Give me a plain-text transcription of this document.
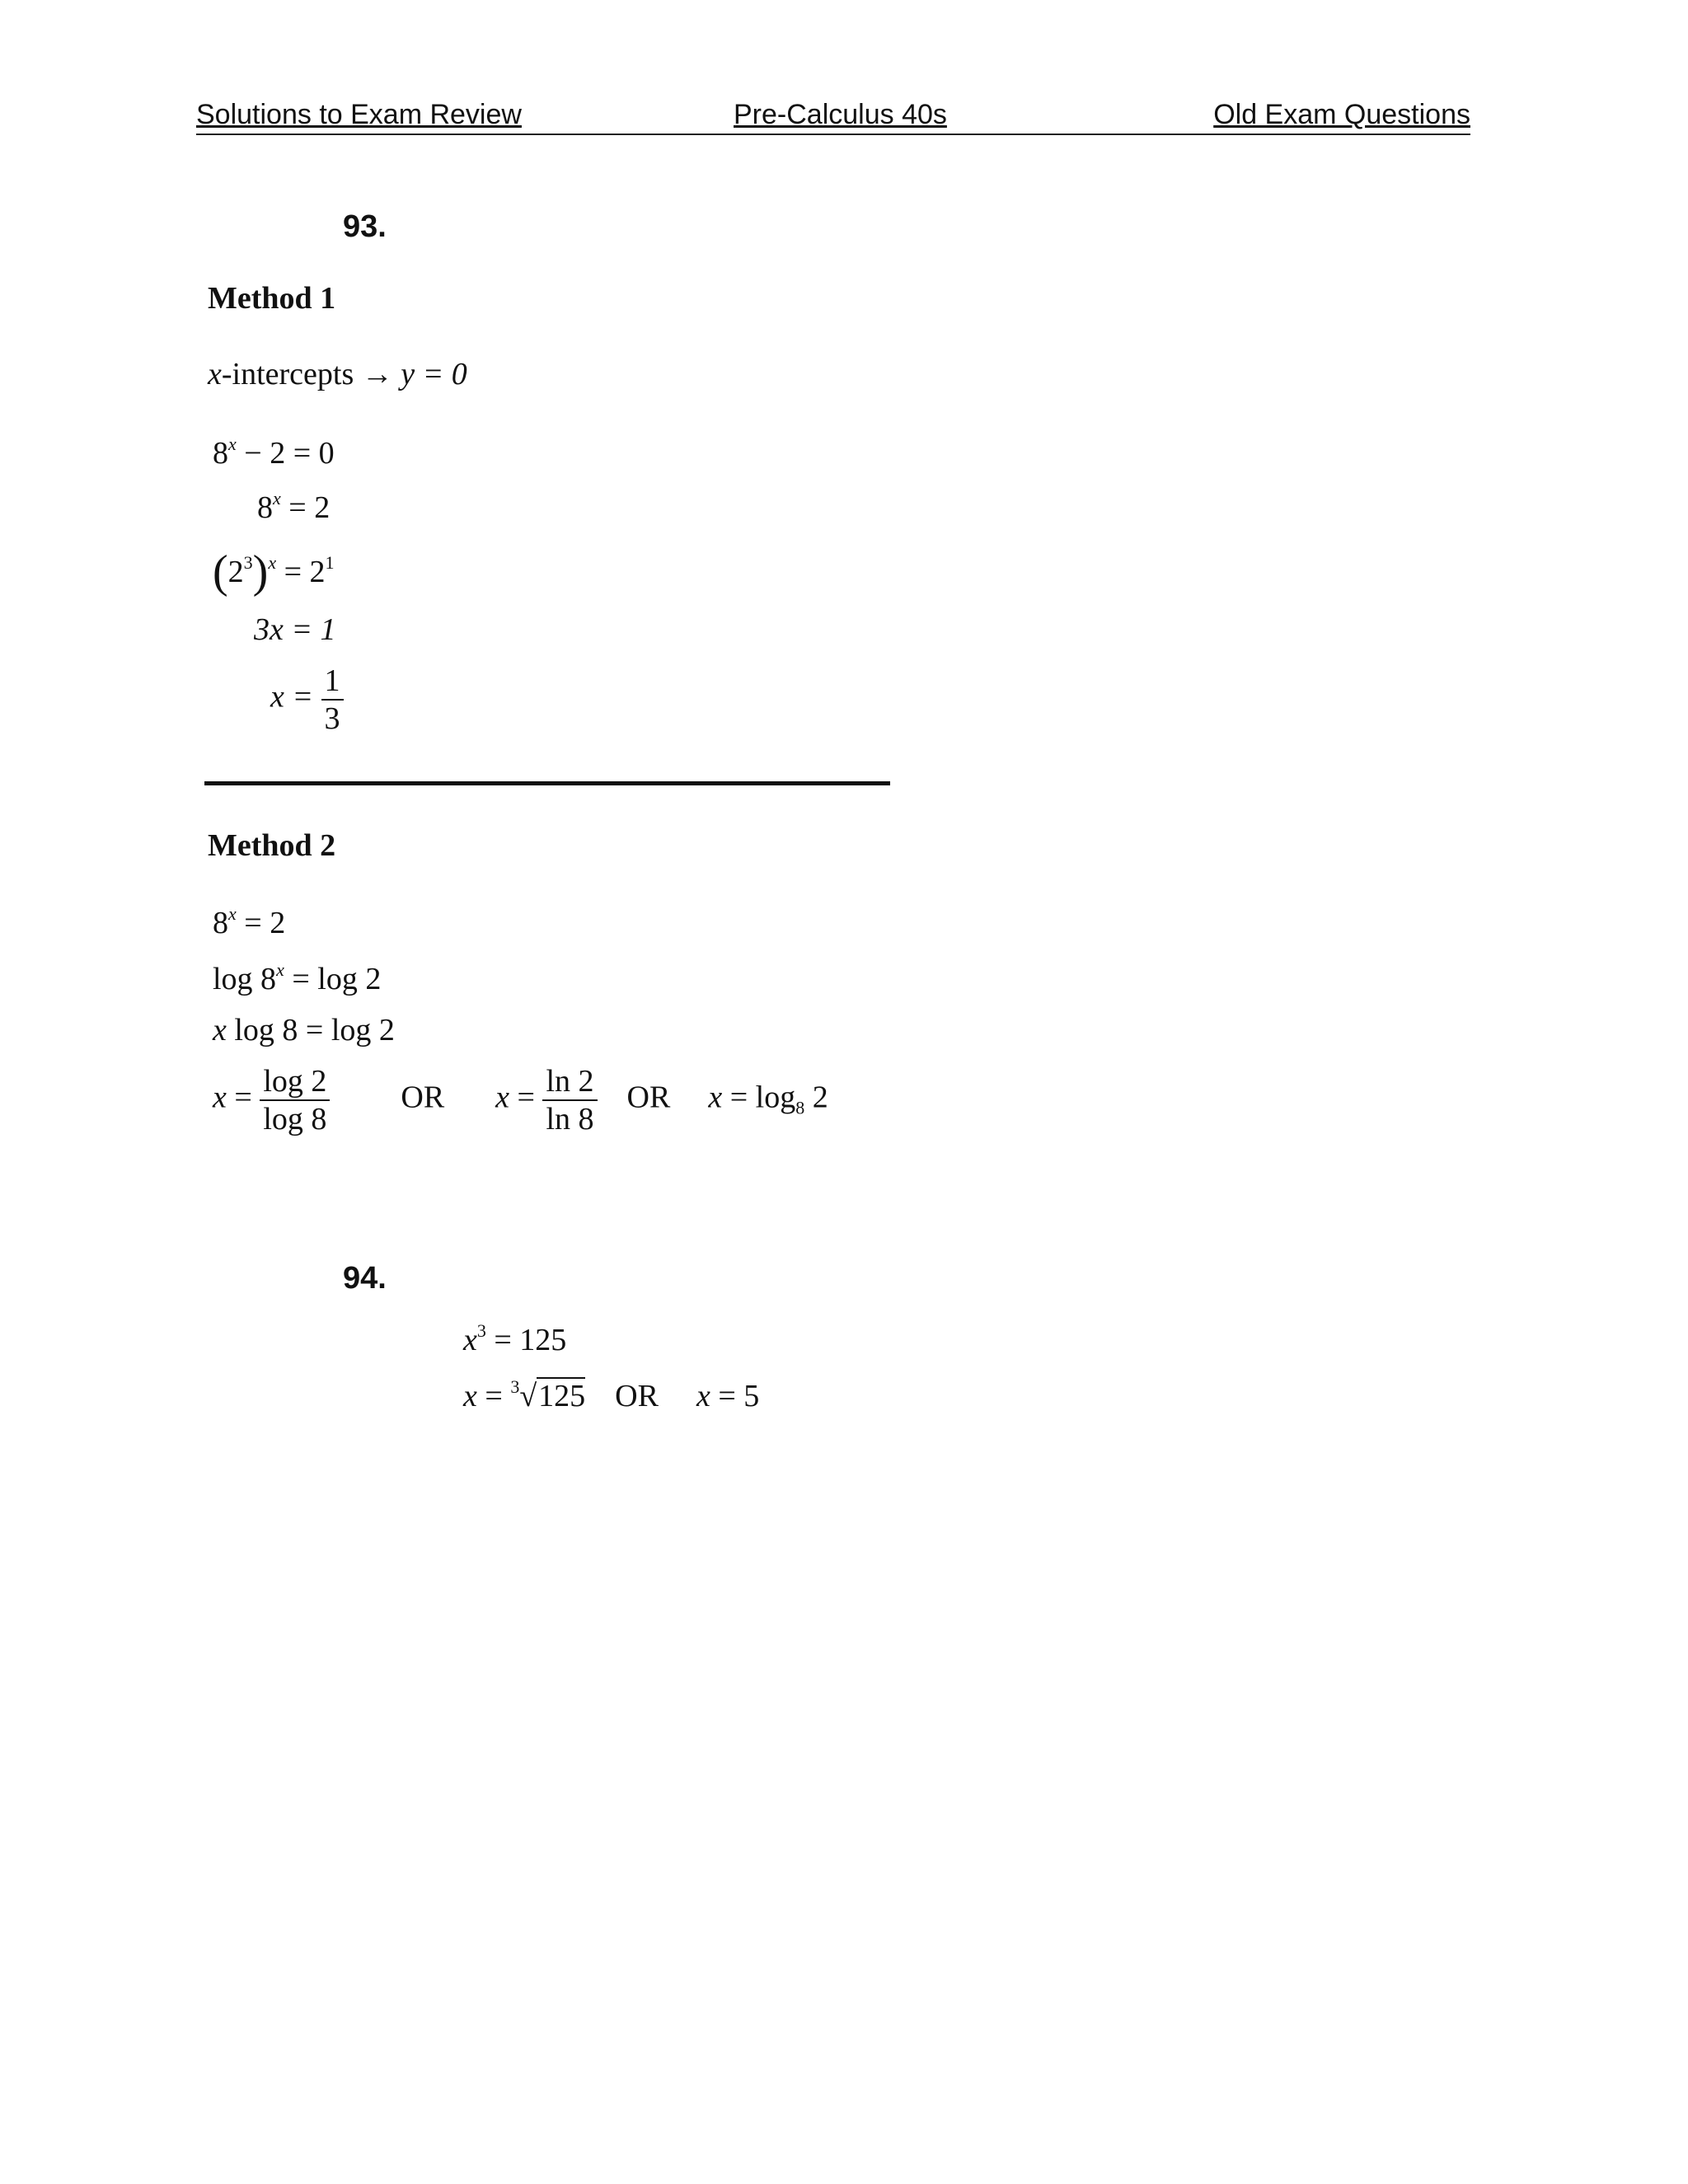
Solutions to Exam Review	Pre-Calculus 40s	Old Exam Questions
93.
Method 1
x-intercepts → y = 0
$8^x - 2 = 0$
$8^x = 2$
$(2^3)^x = 2^1$
3x = 1
$x = \frac{1}{3}$
Method 2
$8^x = 2$
$\log 8^x = \log 2$
x log 8 = log 2
$x = \frac{\log 2}{\log 8}$ OR $x = \frac{\ln 2}{\ln 8}$ OR $x = \log_8 2$
94.
$x^3 = 125$
x = $^3$√125 OR x = 5
